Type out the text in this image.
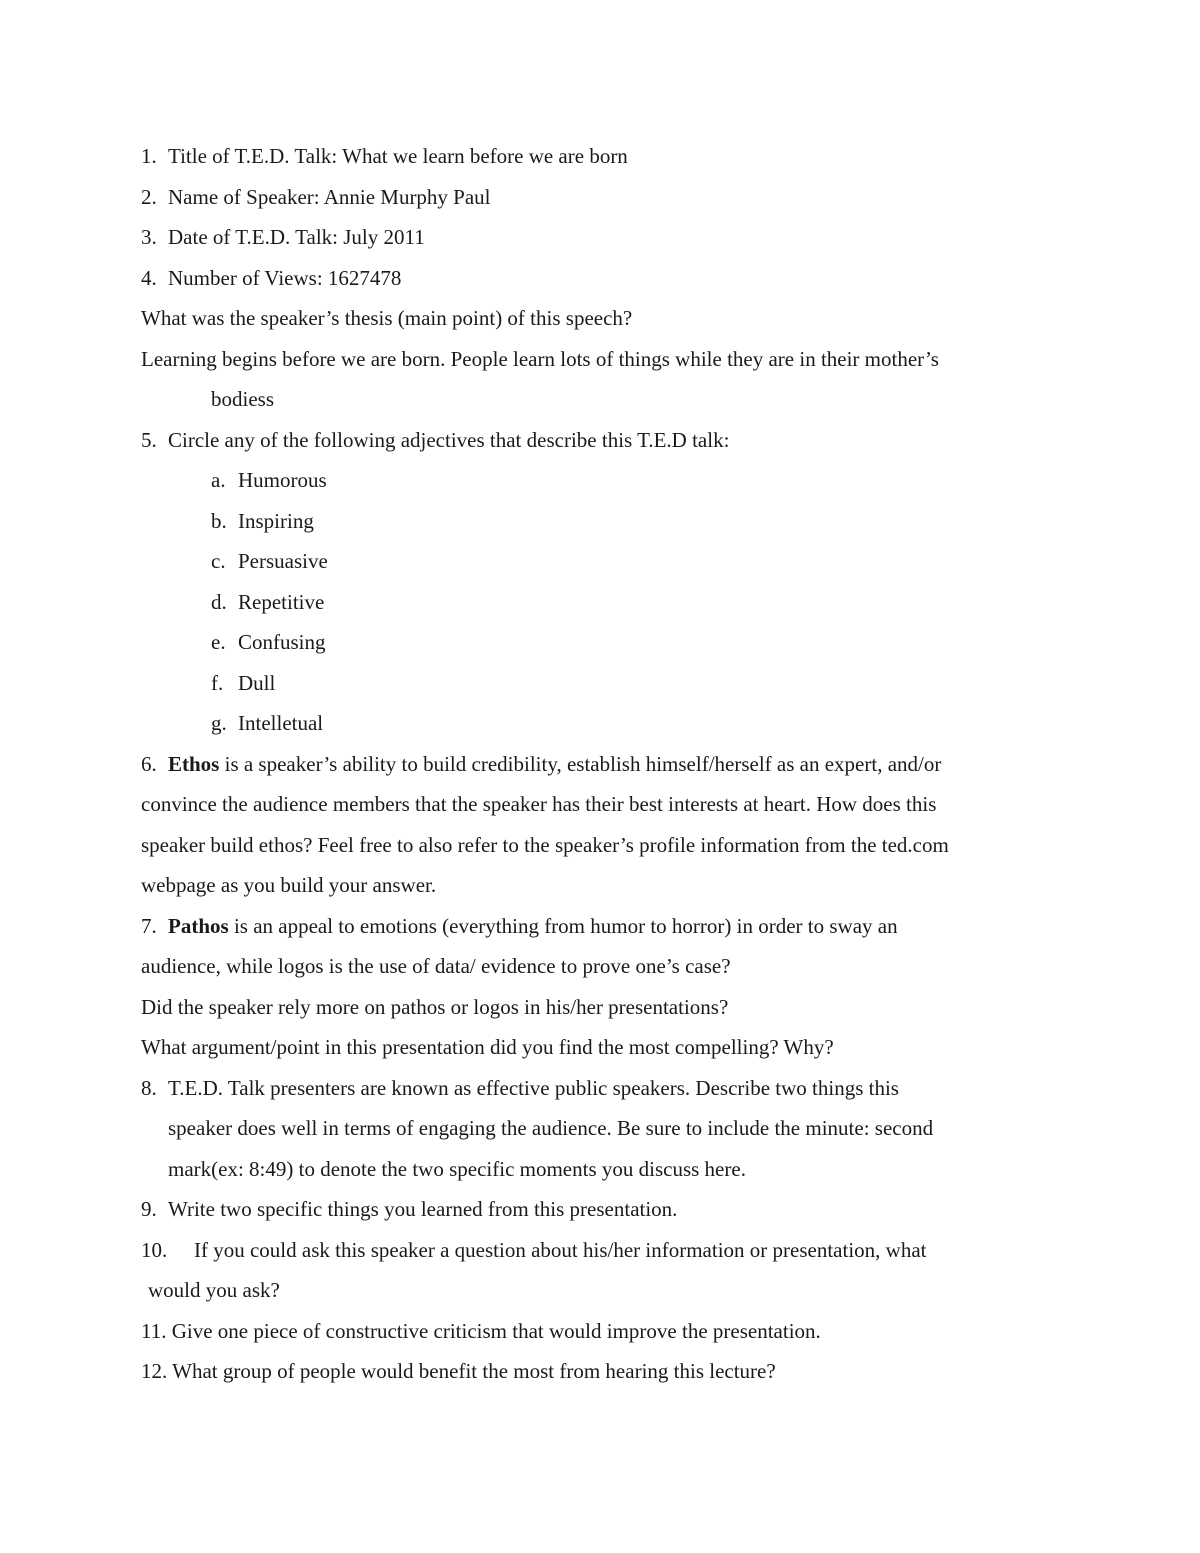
1. Title of T.E.D. Talk: What we learn before we are born
2. Name of Speaker: Annie Murphy Paul
3. Date of T.E.D. Talk: July 2011
4. Number of Views: 1627478
What was the speaker’s thesis (main point) of this speech?
Learning begins before we are born. People learn lots of things while they are in their mother’s
bodiess
5. Circle any of the following adjectives that describe this T.E.D talk:
a. Humorous
b. Inspiring
c. Persuasive
d. Repetitive
e. Confusing
f. Dull
g. Intelletual
6. Ethos is a speaker’s ability to build credibility, establish himself/herself as an expert, and/or
convince the audience members that the speaker has their best interests at heart. How does this
speaker build ethos? Feel free to also refer to the speaker’s profile information from the ted.com
webpage as you build your answer.
7. Pathos is an appeal to emotions (everything from humor to horror) in order to sway an
audience, while logos is the use of data/ evidence to prove one’s case?
Did the speaker rely more on pathos or logos in his/her presentations?
What argument/point in this presentation did you find the most compelling? Why?
8. T.E.D. Talk presenters are known as effective public speakers. Describe two things this
speaker does well in terms of engaging the audience. Be sure to include the minute: second
mark(ex: 8:49) to denote the two specific moments you discuss here.
9. Write two specific things you learned from this presentation.
10. If you could ask this speaker a question about his/her information or presentation, what
would you ask?
11. Give one piece of constructive criticism that would improve the presentation.
12. What group of people would benefit the most from hearing this lecture?
